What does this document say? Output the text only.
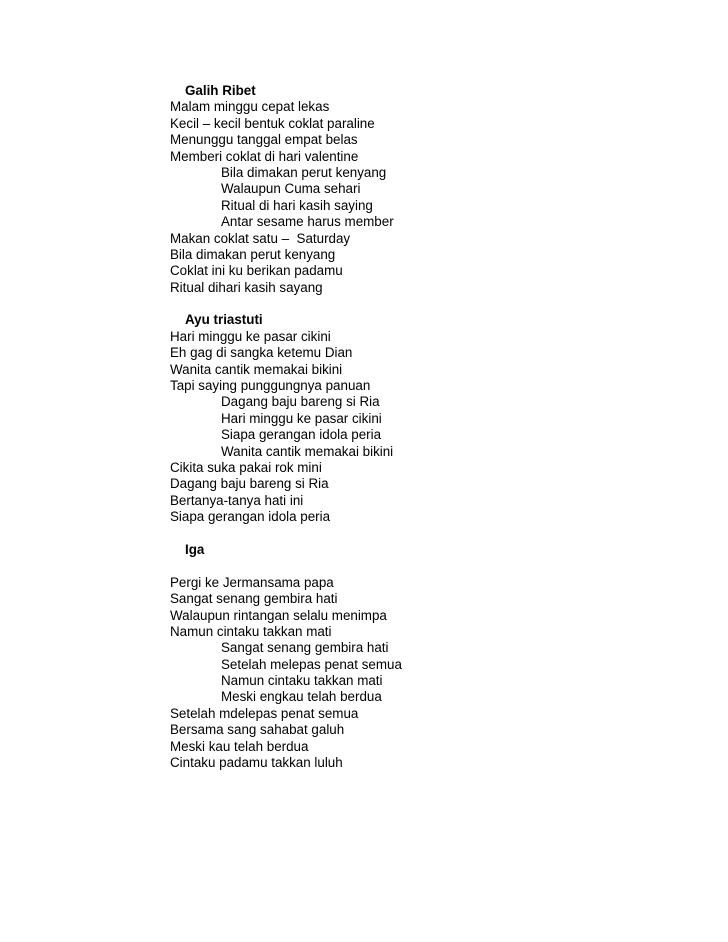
Galih Ribet
Malam minggu cepat lekas
Kecil – kecil bentuk coklat paraline
Menunggu tanggal empat belas
Memberi coklat di hari valentine
Bila dimakan perut kenyang
Walaupun Cuma sehari
Ritual di hari kasih saying
Antar sesame harus member
Makan coklat satu –  Saturday
Bila dimakan perut kenyang
Coklat ini ku berikan padamu
Ritual dihari kasih sayang
Ayu triastuti
Hari minggu ke pasar cikini
Eh gag di sangka ketemu Dian
Wanita cantik memakai bikini
Tapi saying punggungnya panuan
Dagang baju bareng si Ria
Hari minggu ke pasar cikini
Siapa gerangan idola peria
Wanita cantik memakai bikini
Cikita suka pakai rok mini
Dagang baju bareng si Ria
Bertanya-tanya hati ini
Siapa gerangan idola peria
Iga
Pergi ke Jermansama papa
Sangat senang gembira hati
Walaupun rintangan selalu menimpa
Namun cintaku takkan mati
Sangat senang gembira hati
Setelah melepas penat semua
Namun cintaku takkan mati
Meski engkau telah berdua
Setelah mdelepas penat semua
Bersama sang sahabat galuh
Meski kau telah berdua
Cintaku padamu takkan luluh
